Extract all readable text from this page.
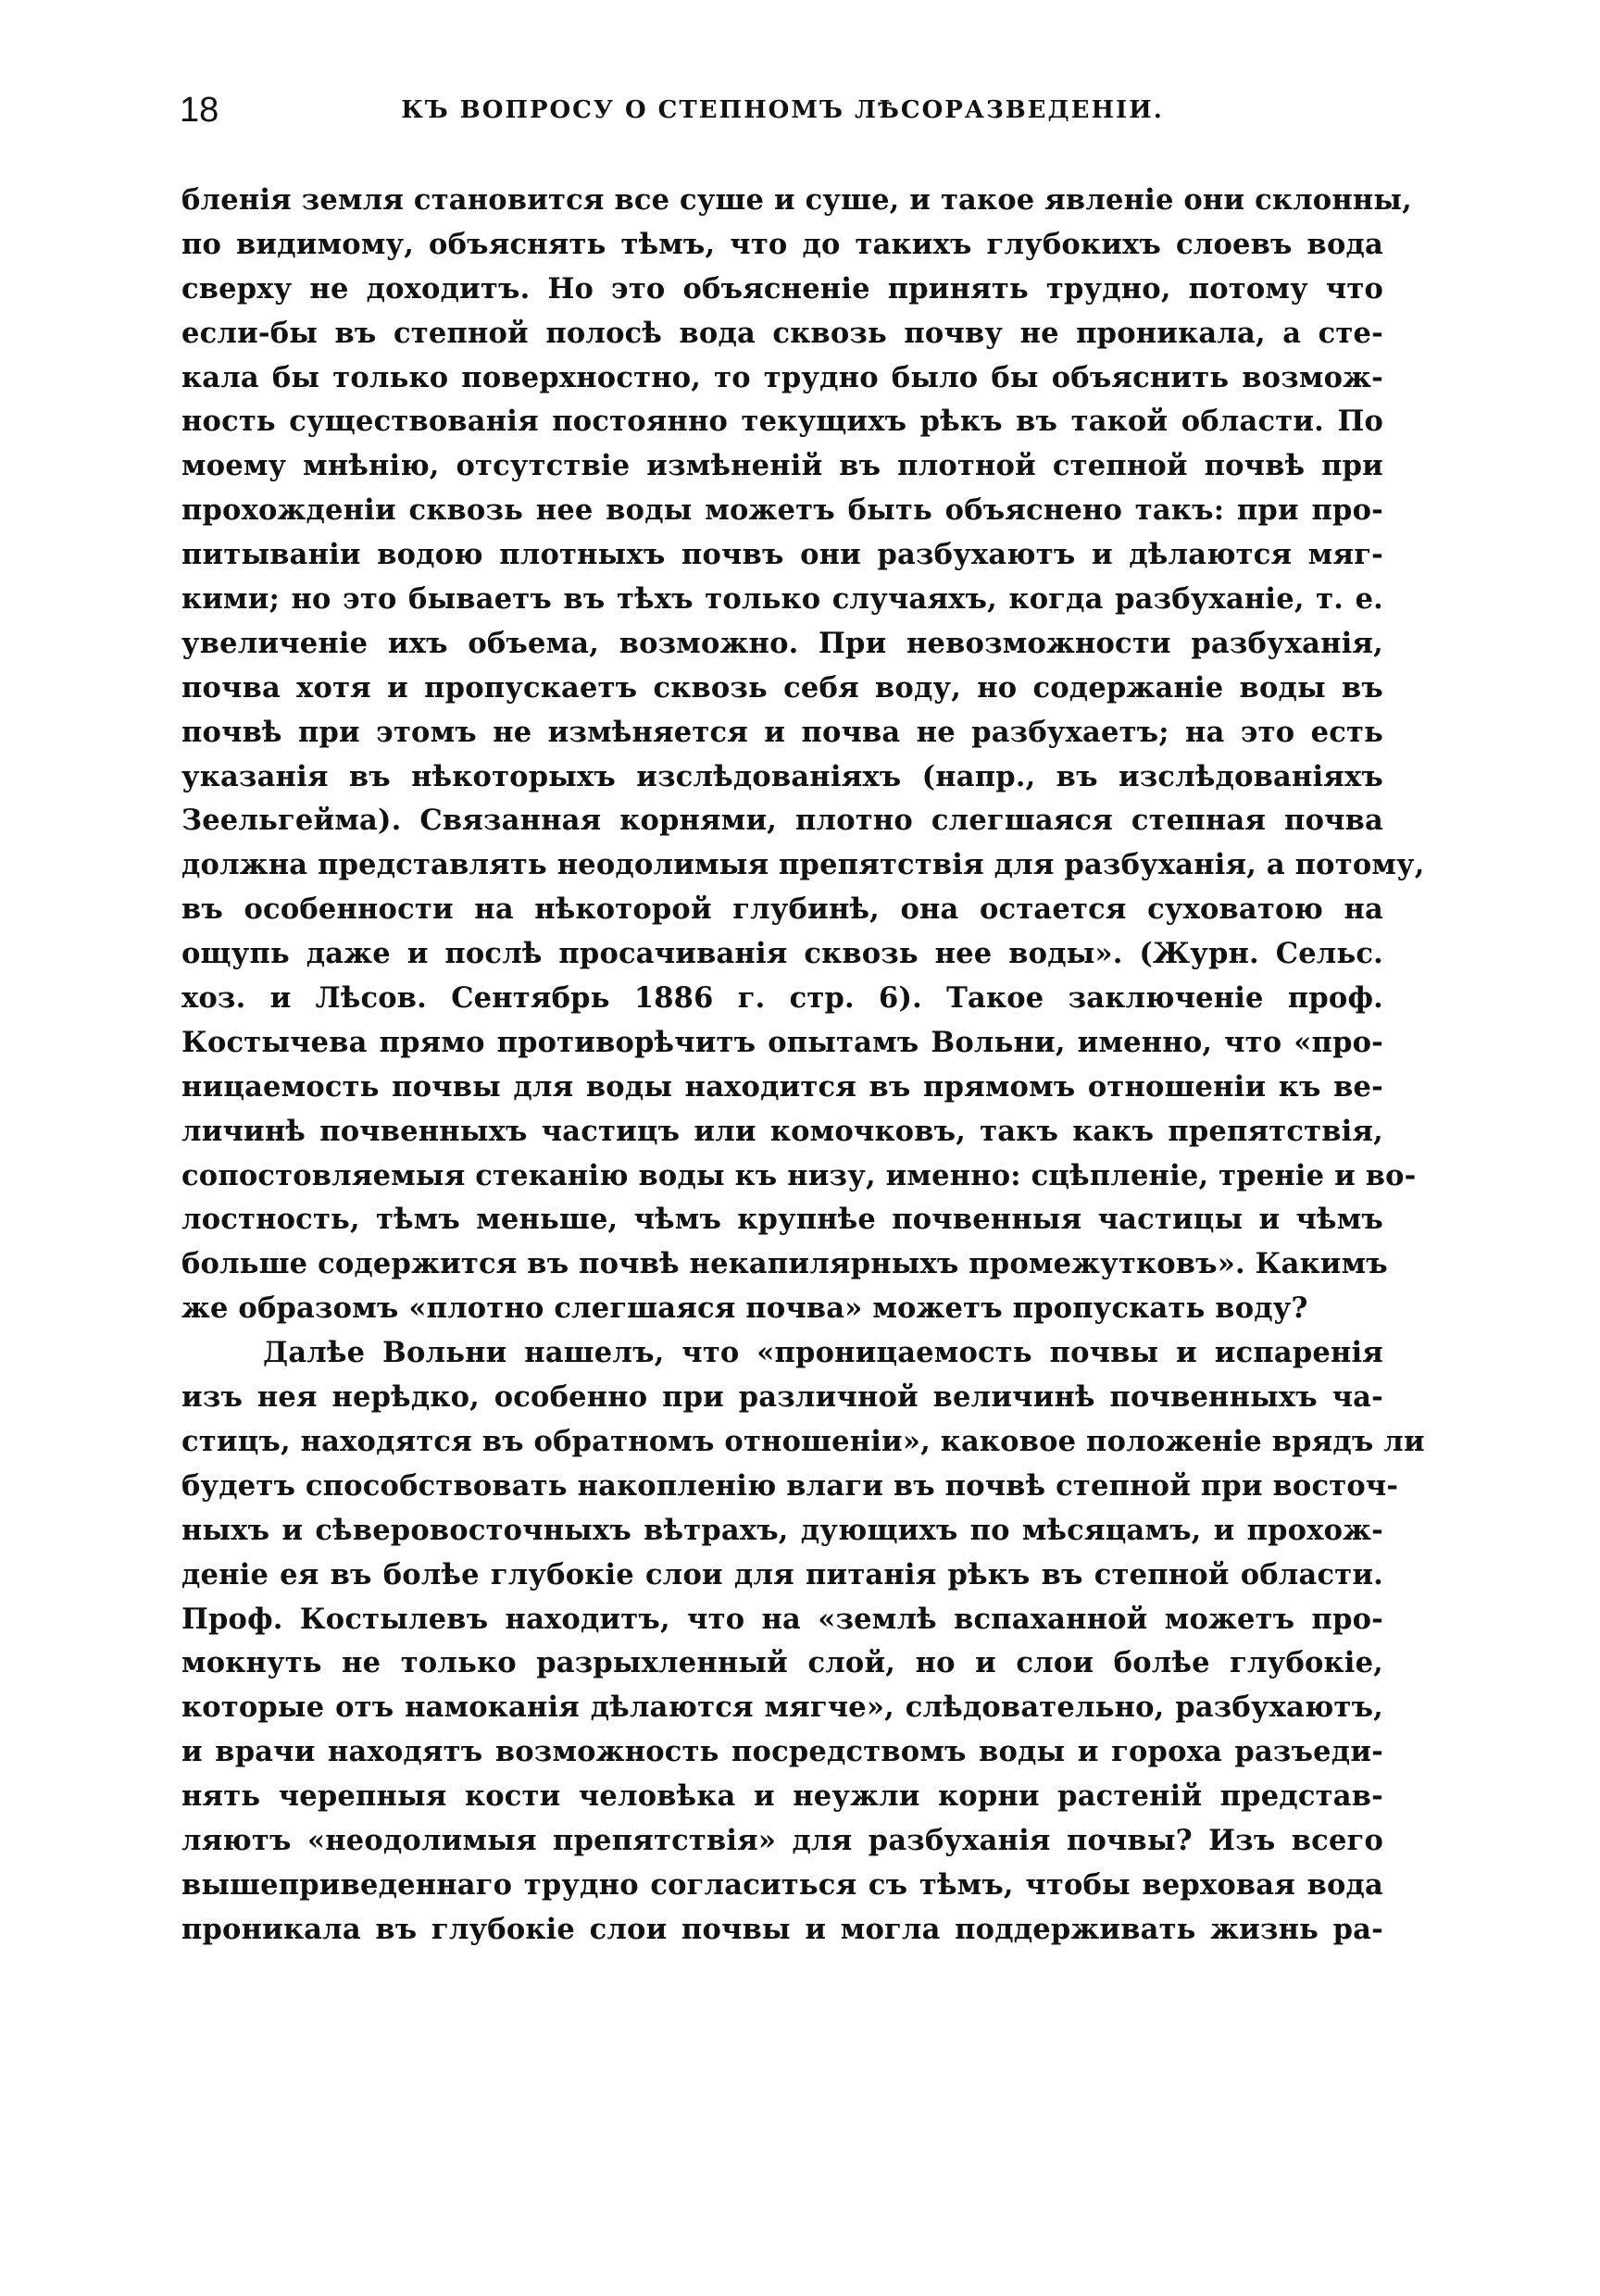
18	КЪ ВОПРОСУ О СТЕПНОМЪ ЛѢСОРАЗВЕДЕНІИ.
бленія земля становится все суше и суше, и такое явленіе они склонны,
по видимому, объяснять тѣмъ, что до такихъ глубокихъ слоевъ вода
сверху не доходитъ. Но это объясненіе принять трудно, потому что
если-бы въ степной полосѣ вода сквозь почву не проникала, а сте-
кала бы только поверхностно, то трудно было бы объяснить возмож-
ность существованія постоянно текущихъ рѣкъ въ такой области. По
моему мнѣнію, отсутствіе измѣненій въ плотной степной почвѣ при
прохожденіи сквозь нее воды можетъ быть объяснено такъ: при про-
питываніи водою плотныхъ почвъ они разбухаютъ и дѣлаются мяг-
кими; но это бываетъ въ тѣхъ только случаяхъ, когда разбуханіе, т. е.
увеличеніе ихъ объема, возможно. При невозможности разбуханія,
почва хотя и пропускаетъ сквозь себя воду, но содержаніе воды въ
почвѣ при этомъ не измѣняется и почва не разбухаетъ; на это есть
указанія въ нѣкоторыхъ изслѣдованіяхъ (напр., въ изслѣдованіяхъ
Зеельгейма). Связанная корнями, плотно слегшаяся степная почва
должна представлять неодолимыя препятствія для разбуханія, а потому,
въ особенности на нѣкоторой глубинѣ, она остается суховатою на
ощупь даже и послѣ просачиванія сквозь нее воды». (Журн. Сельс.
хоз. и Лѣсов. Сентябрь 1886 г. стр. 6). Такое заключеніе проф.
Костычева прямо противорѣчитъ опытамъ Вольни, именно, что «про-
ницаемость почвы для воды находится въ прямомъ отношеніи къ ве-
личинѣ почвенныхъ частицъ или комочковъ, такъ какъ препятствія,
сопостовляемыя стеканію воды къ низу, именно: сцѣпленіе, треніе и во-
лостность, тѣмъ меньше, чѣмъ крупнѣе почвенныя частицы и чѣмъ
больше содержится въ почвѣ некапилярныхъ промежутковъ». Какимъ
же образомъ «плотно слегшаяся почва» можетъ пропускать воду?
Далѣе Вольни нашелъ, что «проницаемость почвы и испаренія
изъ нея нерѣдко, особенно при различной величинѣ почвенныхъ ча-
стицъ, находятся въ обратномъ отношеніи», каковое положеніе врядъ ли
будетъ способствовать накопленію влаги въ почвѣ степной при восточ-
ныхъ и сѣверовосточныхъ вѣтрахъ, дующихъ по мѣсяцамъ, и прохож-
деніе ея въ болѣе глубокіе слои для питанія рѣкъ въ степной области.
Проф. Костылевъ находитъ, что на «землѣ вспаханной можетъ про-
мокнуть не только разрыхленный слой, но и слои болѣе глубокіе,
которые отъ намоканія дѣлаются мягче», слѣдовательно, разбухаютъ,
и врачи находятъ возможность посредствомъ воды и гороха разъеди-
нять черепныя кости человѣка и неужли корни растеній представ-
ляютъ «неодолимыя препятствія» для разбуханія почвы? Изъ всего
вышеприведеннаго трудно согласиться съ тѣмъ, чтобы верховая вода
проникала въ глубокіе слои почвы и могла поддерживать жизнь ра-
